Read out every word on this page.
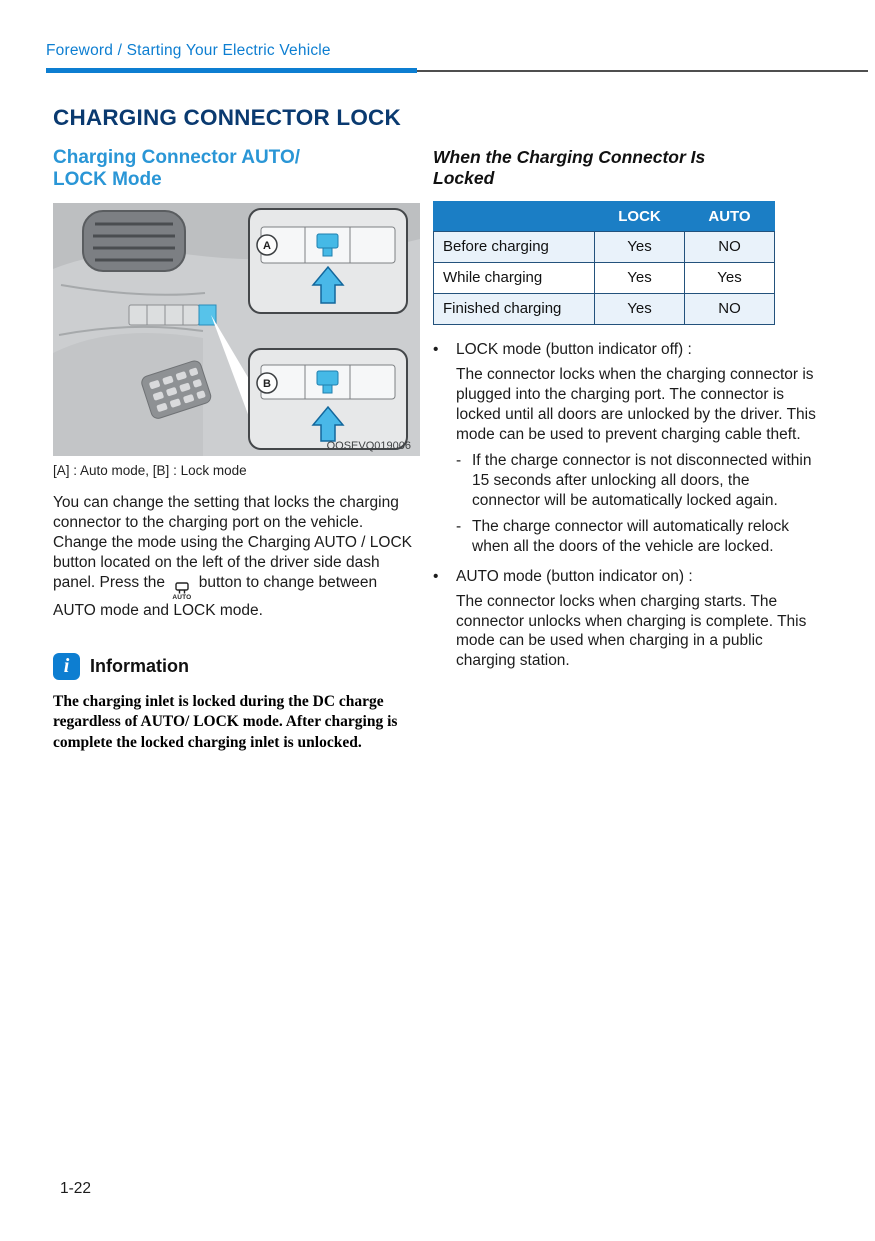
Foreword / Starting Your Electric Vehicle
CHARGING CONNECTOR LOCK
Charging Connector AUTO/
LOCK Mode
A
B
OOSEVQ019006
[A] : Auto mode, [B] : Lock mode

You can change the setting that locks the charging connector to the charging port on the vehicle. Change the mode using the Charging AUTO / LOCK button located on the left of the driver side dash panel. Press the
AUTO
button to change between AUTO mode and LOCK mode.

i	Information

The charging inlet is locked during the DC charge regardless of AUTO/ LOCK mode. After charging is complete the locked charging inlet is unlocked.

When the Charging Connector Is
Locked
	LOCK	AUTO
Before charging	Yes	NO
While charging	Yes	Yes
Finished charging	Yes	NO
•	LOCK mode (button indicator off) :

The connector locks when the charging connector is plugged into the charging port. The connector is locked until all doors are unlocked by the driver. This mode can be used to prevent charging cable theft.

- If the charge connector is not disconnected within 15 seconds after unlocking all doors, the connector will be automatically locked again.

- The charge connector will automatically relock when all the doors of the vehicle are locked.

•	AUTO mode (button indicator on) :

The connector locks when charging starts. The connector unlocks when charging is complete. This mode can be used when charging in a public charging station.

1-22
